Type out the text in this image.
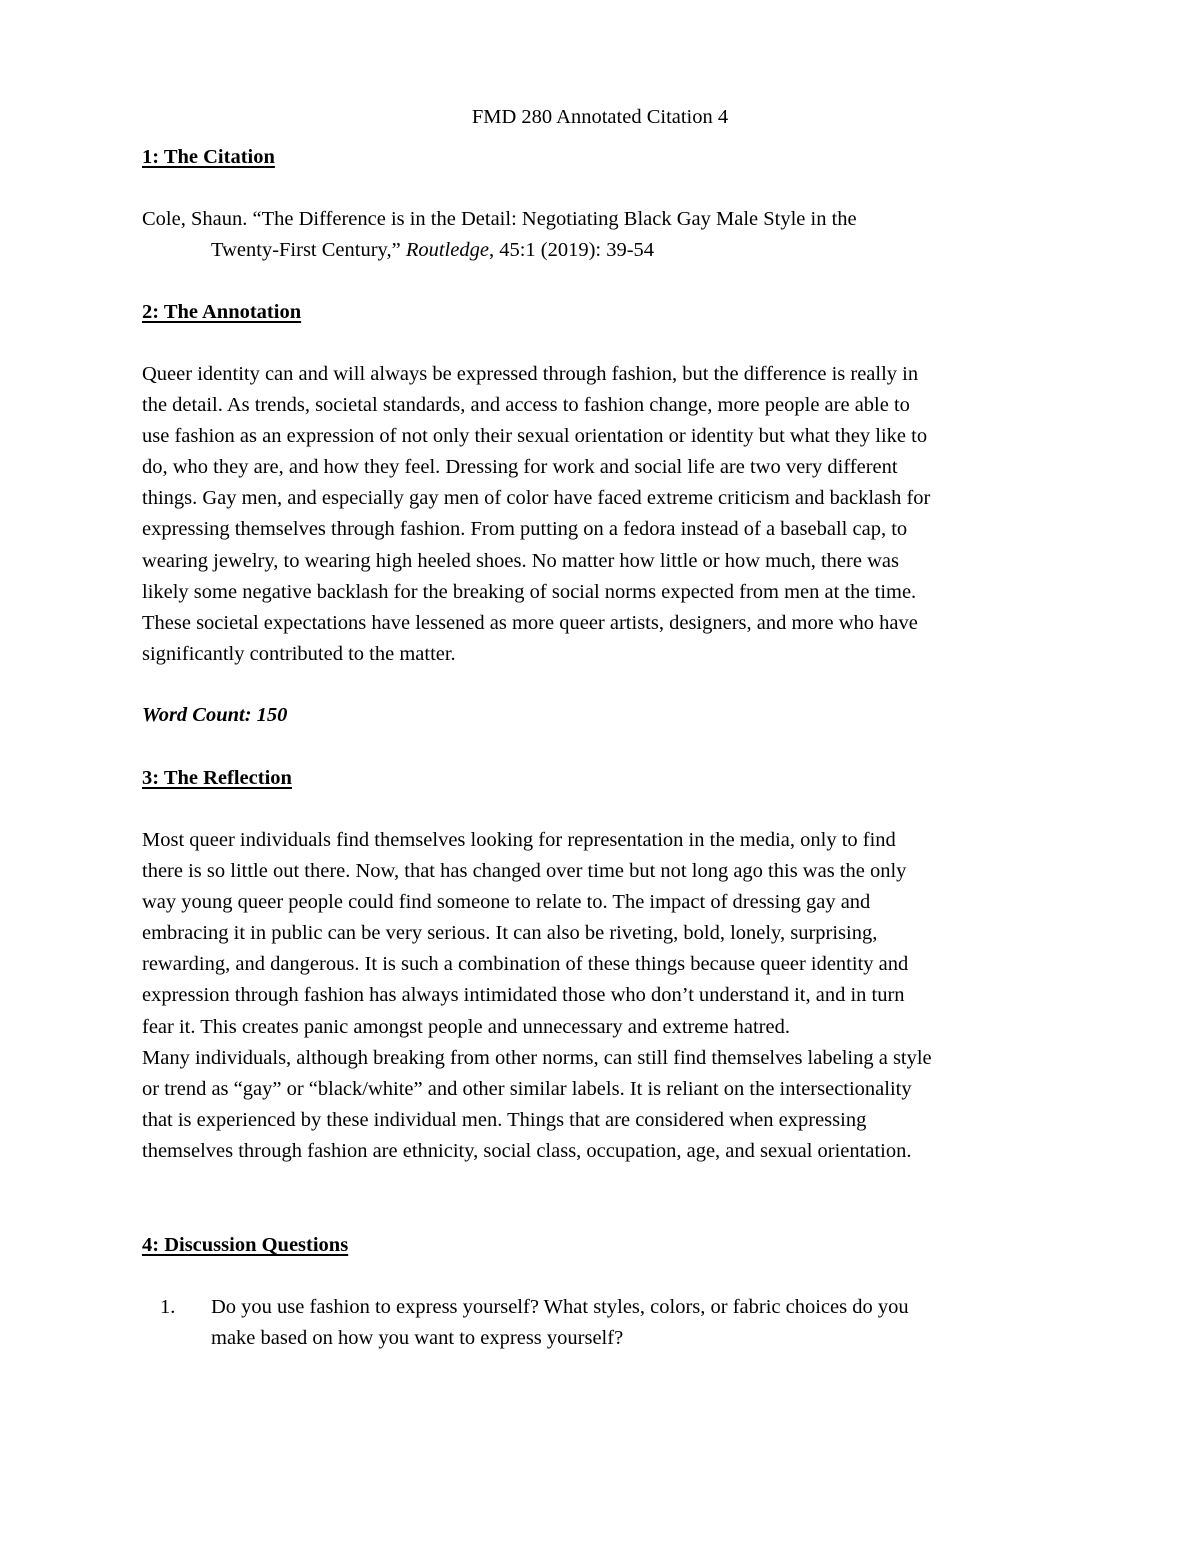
FMD 280 Annotated Citation 4
1: The Citation
Cole, Shaun. “The Difference is in the Detail: Negotiating Black Gay Male Style in the
Twenty-First Century,” Routledge, 45:1 (2019): 39-54
2: The Annotation
Queer identity can and will always be expressed through fashion, but the difference is really in
the detail. As trends, societal standards, and access to fashion change, more people are able to
use fashion as an expression of not only their sexual orientation or identity but what they like to
do, who they are, and how they feel. Dressing for work and social life are two very different
things. Gay men, and especially gay men of color have faced extreme criticism and backlash for
expressing themselves through fashion. From putting on a fedora instead of a baseball cap, to
wearing jewelry, to wearing high heeled shoes. No matter how little or how much, there was
likely some negative backlash for the breaking of social norms expected from men at the time.
These societal expectations have lessened as more queer artists, designers, and more who have
significantly contributed to the matter.
Word Count: 150
3: The Reflection
Most queer individuals find themselves looking for representation in the media, only to find
there is so little out there. Now, that has changed over time but not long ago this was the only
way young queer people could find someone to relate to. The impact of dressing gay and
embracing it in public can be very serious. It can also be riveting, bold, lonely, surprising,
rewarding, and dangerous. It is such a combination of these things because queer identity and
expression through fashion has always intimidated those who don’t understand it, and in turn
fear it. This creates panic amongst people and unnecessary and extreme hatred.
Many individuals, although breaking from other norms, can still find themselves labeling a style
or trend as “gay” or “black/white” and other similar labels. It is reliant on the intersectionality
that is experienced by these individual men. Things that are considered when expressing
themselves through fashion are ethnicity, social class, occupation, age, and sexual orientation.
4: Discussion Questions
1.	Do you use fashion to express yourself? What styles, colors, or fabric choices do you
make based on how you want to express yourself?
